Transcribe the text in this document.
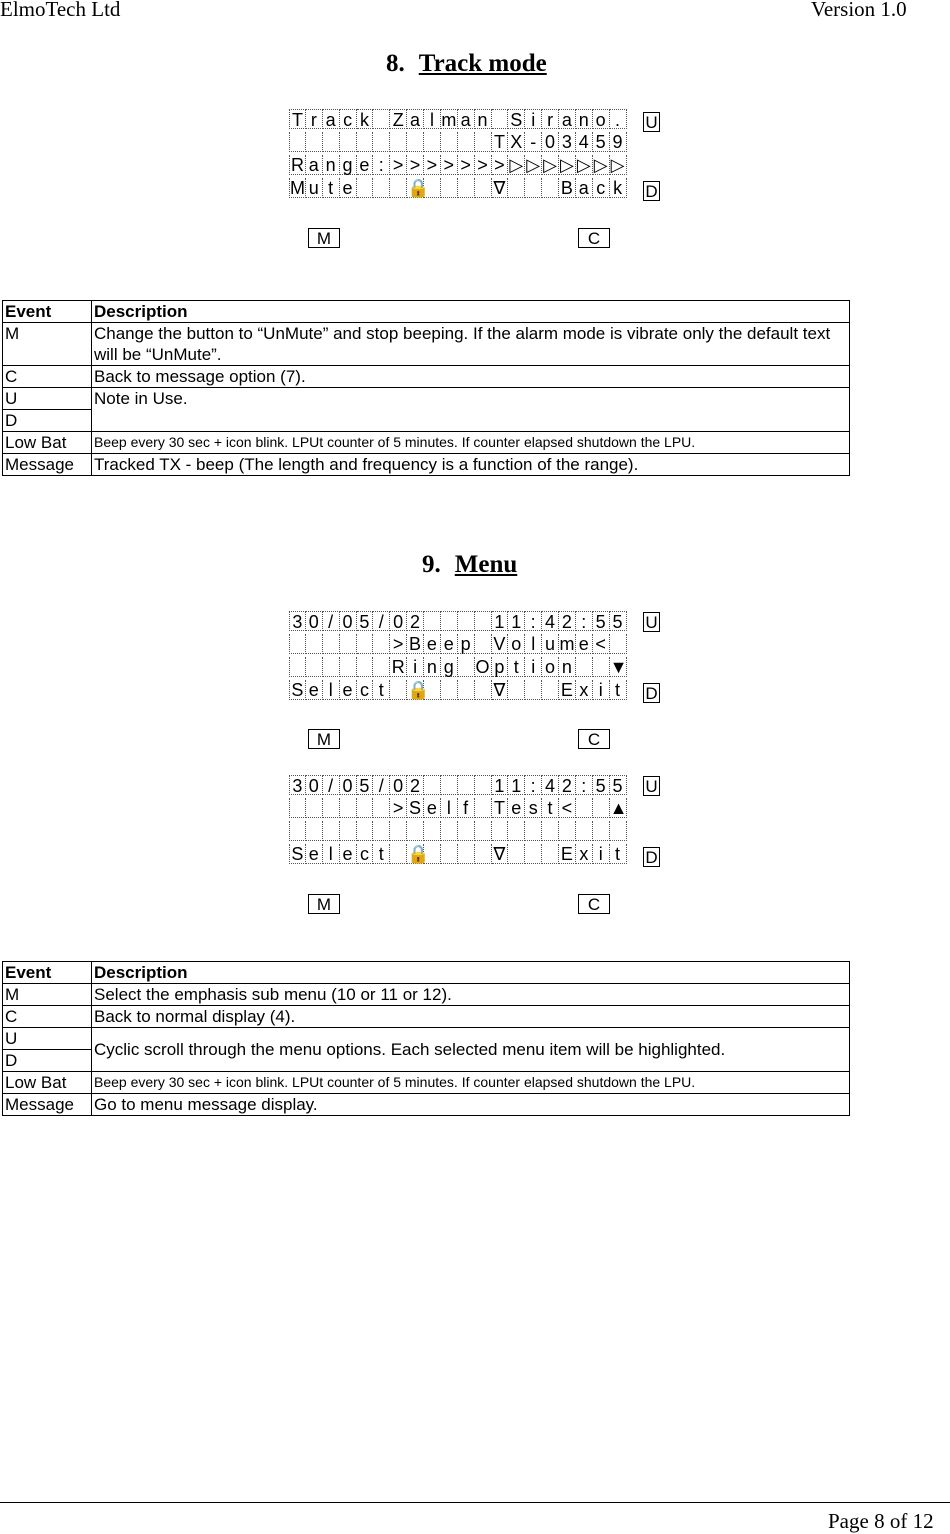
ElmoTech Ltd	Version 1.0
8. Track mode
T r a c k Z a l m a n S i r a n o .
T X - 0 3 4 5 9
R a n g e : > > > > > > > ▷ ▷ ▷ ▷ ▷ ▷ ▷
M u t e	🔒	∇	B a c k
U
D
M	C
Event	Description
M	Change the button to “UnMute” and stop beeping. If the alarm mode is vibrate only the default text will be “UnMute”.
C	Back to message option (7).
U	Note in Use.
D	
Low Bat	Beep every 30 sec + icon blink. LPUt counter of 5 minutes. If counter elapsed shutdown the LPU.
Message	Tracked TX - beep (The length and frequency is a function of the range).
9. Menu
3 0 / 0 5 / 0 2	1 1 : 4 2 : 5 5
> B e e p V o l u m e <
R i n g O p t i o n ▼
S e l e c t	🔒	∇	E x i t
U
D
M	C
3 0 / 0 5 / 0 2	1 1 : 4 2 : 5 5
> S e l f	T e s t < ▲
S e l e c t	🔒	∇	E x i t
U
D
M	C
Event	Description
M	Select the emphasis sub menu (10 or 11 or 12).
C	Back to normal display (4).
U	Cyclic scroll through the menu options. Each selected menu item will be highlighted.
D	
Low Bat	Beep every 30 sec + icon blink. LPUt counter of 5 minutes. If counter elapsed shutdown the LPU.
Message	Go to menu message display.
Page 8 of 12
